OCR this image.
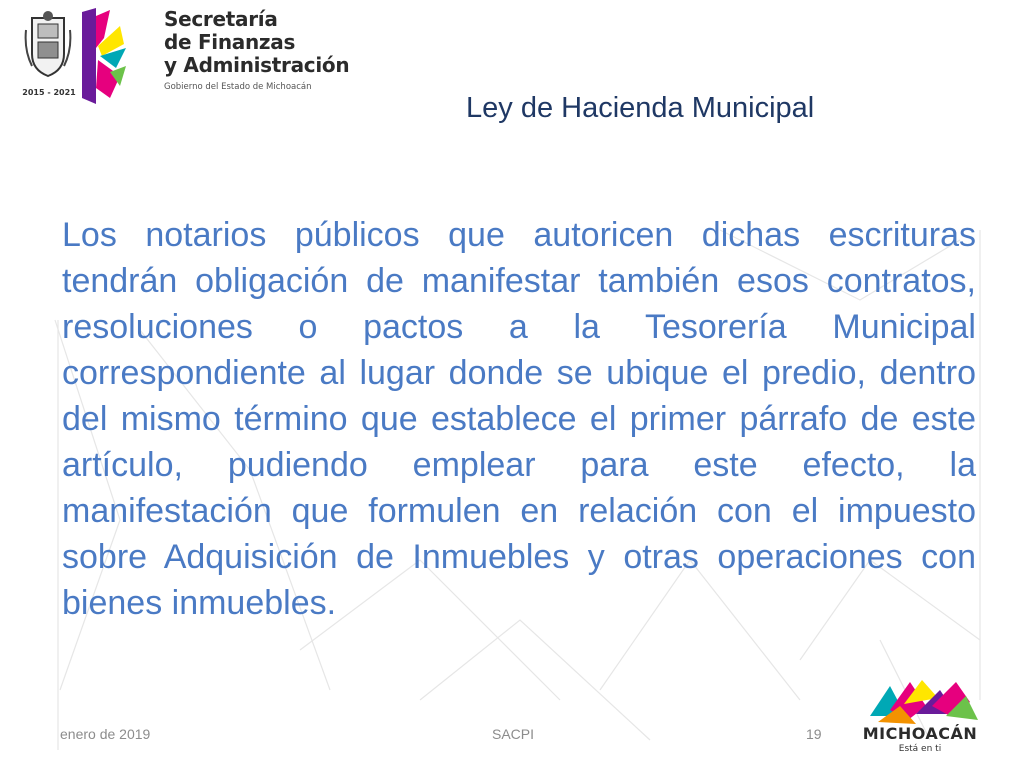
2015 - 2021
Secretaría
de Finanzas
y Administración
Gobierno del Estado de Michoacán
Ley de Hacienda Municipal

Los notarios públicos que autoricen dichas escrituras tendrán obligación de manifestar también esos contratos, resoluciones o pactos a la Tesorería Municipal correspondiente al lugar donde se ubique el predio, dentro del mismo término que establece el primer párrafo de este artículo, pudiendo emplear para este efecto, la manifestación que formulen en relación con el impuesto sobre Adquisición de Inmuebles y otras operaciones con bienes inmuebles.

enero de 2019	SACPI	19	MICHOACÁN
Está en ti
